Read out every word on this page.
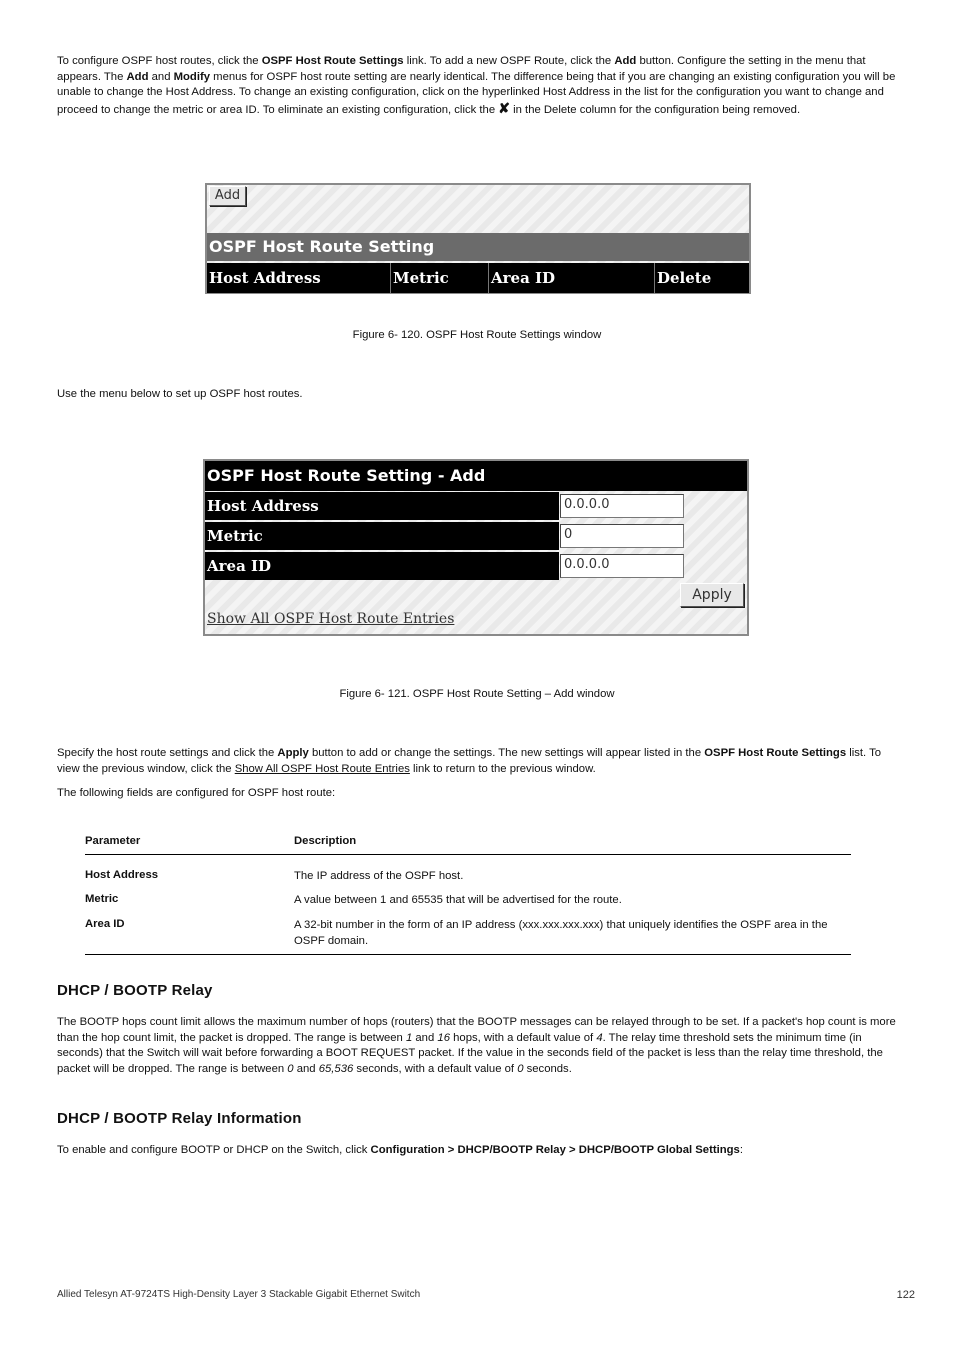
To configure OSPF host routes, click the OSPF Host Route Settings link. To add a new OSPF Route, click the Add button. Configure the setting in the menu that appears. The Add and Modify menus for OSPF host route setting are nearly identical. The difference being that if you are changing an existing configuration you will be unable to change the Host Address. To change an existing configuration, click on the hyperlinked Host Address in the list for the configuration you want to change and proceed to change the metric or area ID. To eliminate an existing configuration, click the ✘ in the Delete column for the configuration being removed.

Add
OSPF Host Route Setting
Host Address	Metric	Area ID	Delete
Figure 6- 120. OSPF Host Route Settings window

Use the menu below to set up OSPF host routes.

OSPF Host Route Setting - Add
Host Address	0.0.0.0
Metric	0
Area ID	0.0.0.0
Apply
Show All OSPF Host Route Entries
Figure 6- 121. OSPF Host Route Setting – Add window

Specify the host route settings and click the Apply button to add or change the settings. The new settings will appear listed in the OSPF Host Route Settings list. To view the previous window, click the Show All OSPF Host Route Entries link to return to the previous window.

The following fields are configured for OSPF host route:

Parameter	Description
Host Address	The IP address of the OSPF host.
Metric	A value between 1 and 65535 that will be advertised for the route.
Area ID	A 32-bit number in the form of an IP address (xxx.xxx.xxx.xxx) that uniquely identifies the OSPF area in the OSPF domain.
DHCP / BOOTP Relay

The BOOTP hops count limit allows the maximum number of hops (routers) that the BOOTP messages can be relayed through to be set. If a packet's hop count is more than the hop count limit, the packet is dropped. The range is between 1 and 16 hops, with a default value of 4. The relay time threshold sets the minimum time (in seconds) that the Switch will wait before forwarding a BOOT REQUEST packet. If the value in the seconds field of the packet is less than the relay time threshold, the packet will be dropped. The range is between 0 and 65,536 seconds, with a default value of 0 seconds.

DHCP / BOOTP Relay Information

To enable and configure BOOTP or DHCP on the Switch, click Configuration > DHCP/BOOTP Relay > DHCP/BOOTP Global Settings:

Allied Telesyn AT-9724TS High-Density Layer 3 Stackable Gigabit Ethernet Switch	122
